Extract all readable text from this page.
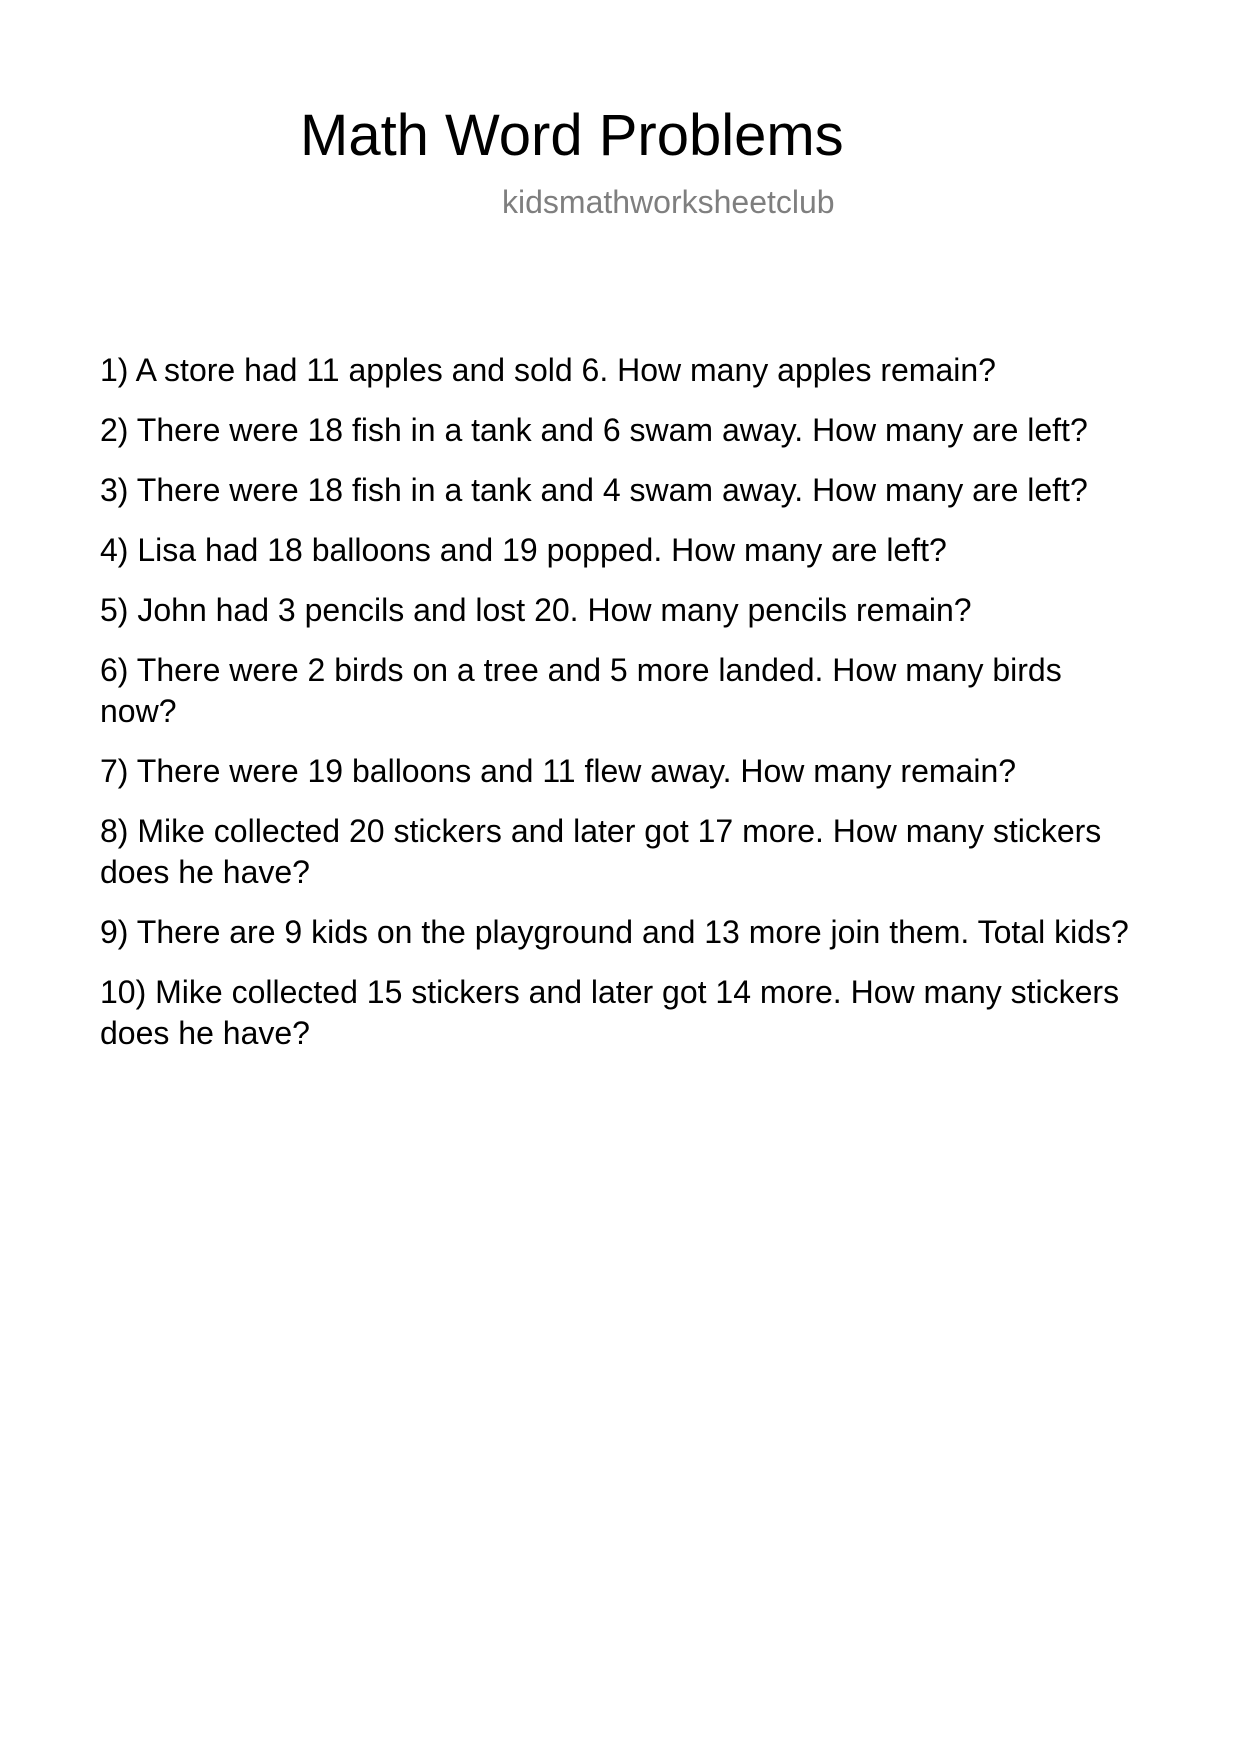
Math Word Problems
kidsmathworksheetclub
1) A store had 11 apples and sold 6. How many apples remain?
2) There were 18 fish in a tank and 6 swam away. How many are left?
3) There were 18 fish in a tank and 4 swam away. How many are left?
4) Lisa had 18 balloons and 19 popped. How many are left?
5) John had 3 pencils and lost 20. How many pencils remain?
6) There were 2 birds on a tree and 5 more landed. How many birds now?
7) There were 19 balloons and 11 flew away. How many remain?
8) Mike collected 20 stickers and later got 17 more. How many stickers does he have?
9) There are 9 kids on the playground and 13 more join them. Total kids?
10) Mike collected 15 stickers and later got 14 more. How many stickers does he have?
